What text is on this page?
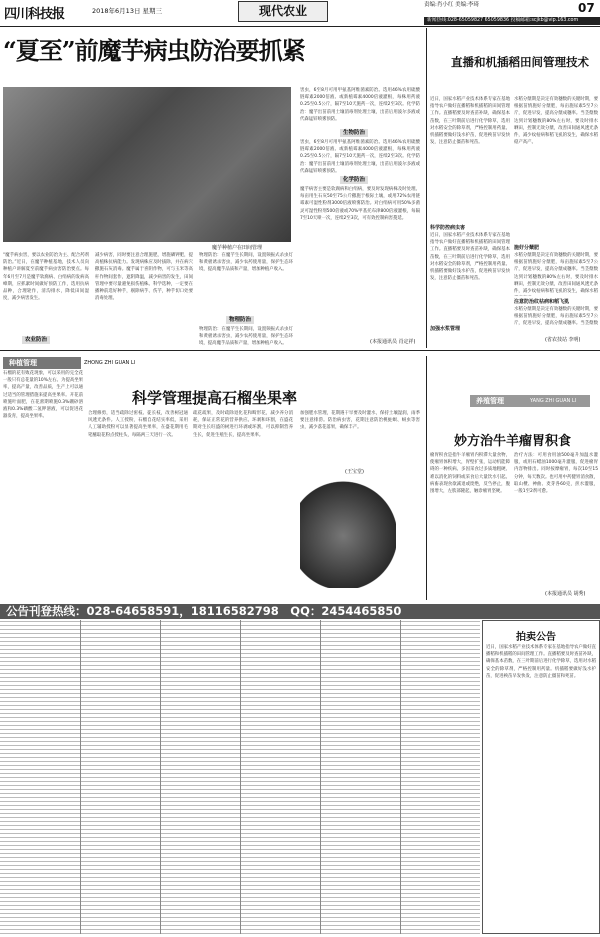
四川科技报	2018年6月13日 星期三	现代农业	责编:肖小红 美编:李琦	07
新闻热线:028-65059827 65059836 投稿邮箱:scjkb@vip.163.com
“夏至”前魔芋病虫防治要抓紧
魔芋种植户在田间管理
害虫，6至8月可用甲氨基阿维菌素防治。选用46%农用硫酸链霉素2000倍液、或新植霉素4000倍液灌根，每株用药液0.25至0.5公斤，隔7至10天施药一次，连续2至3次。化学防治：魔芋出苗前用土壤消毒剂处理土壤，出苗后用波尔多液或代森锰锌喷雾预防。
生物防治
害虫，6至8月可用甲氨基阿维菌素防治。选用46%农用硫酸链霉素2000倍液、或新植霉素4000倍液灌根，每株用药液0.25至0.5公斤，隔7至10天施药一次，连续2至3次。化学防治：魔芋出苗前用土壤消毒剂处理土壤，出苗后用波尔多液或代森锰锌喷雾预防。
化学防治
魔芋病害主要是软腐病和白绢病，要及时发现病株及时处理。每亩用生石灰50至75公斤撒施于根际土壤，或用72%农用链霉素可湿性粉剂3000倍液喷雾防治。对白绢病可用50%多菌灵可湿性粉剂500倍液或70%甲基托布津800倍液灌根，每隔7至10天喷一次，连续2至3次，可有效控制病害蔓延。
“魔芋病虫害，要以农业防治为主、配合药剂防治。”近日，在魔芋种植基地，技术人员向种植户讲解夏至前魔芋病虫害防治要点。每年6月至7月是魔芋软腐病、白绢病的发病高峰期，应抓紧时间做好预防工作，选用抗病品种，合理轮作，清沟排水，降低田间湿度，减少病害发生。
农业防治
减少病害，同时要注意合理施肥，增施磷钾肥，提高植株抗病能力。发现病株应及时拔除，并在病穴撒施石灰消毒。魔芋属于喜阴作物，可与玉米等高秆作物间套作，遮阴降温，减少病害的发生，田间管理中要尽量避免损伤植株。科学选种，一定要在播种前选好种芋，剔除病芋、伤芋，种芋切口处要消毒处理。
物理防治：在魔芋生长期间，设置频振式杀虫灯和黄板诱杀害虫，减少农药使用量，保护生态环境，提高魔芋品质和产量，增加种植户收入。
物理防治
物理防治：在魔芋生长期间，设置频振式杀虫灯和黄板诱杀害虫，减少农药使用量，保护生态环境，提高魔芋品质和产量，增加种植户收入。	(本报通讯员 肖定祥)
直播和机插稻田间管理技术
近日，国家水稻产业技术体系专家在基地指导农户做好直播稻和机插稻的田间管理工作。直播稻要及时查苗补缺，确保基本苗数，在三叶期前后进行化学除草，选用对水稻安全的除草剂，严格控制用药量。机插稻要做好浅水护苗，促进秧苗早发快发，注意防止僵苗和死苗。
科学防控病虫害
近日，国家水稻产业技术体系专家在基地指导农户做好直播稻和机插稻的田间管理工作。直播稻要及时查苗补缺，确保基本苗数，在三叶期前后进行化学除草，选用对水稻安全的除草剂，严格控制用药量。机插稻要做好浅水护苗，促进秧苗早发快发，注意防止僵苗和死苗。
加强水浆管理
水稻分蘖期是决定有效穗数的关键时期，要根据苗情施好分蘖肥，每亩施尿素5至7公斤，促进早发，提高分蘖成穗率。当茎蘖数达到计划穗数的80%左右时，要及时排水晒田，控制无效分蘖，改善田间通风透光条件，减少纹枯病和稻飞虱的发生，确保水稻稳产高产。
施好分蘖肥
注意防治纹枯病和稻飞虱
水稻分蘖期是决定有效穗数的关键时期，要根据苗情施好分蘖肥，每亩施尿素5至7公斤，促进早发，提高分蘖成穗率。当茎蘖数达到计划穗数的80%左右时，要及时排水晒田，控制无效分蘖，改善田间通风透光条件，减少纹枯病和稻飞虱的发生，确保水稻
水稻分蘖期是决定有效穗数的关键时期，要根据苗情施好分蘖肥，每亩施尿素5至7公斤，促进早发，提高分蘖成穗率。当茎蘖数
(省农技站 李明)
种植管理	ZHONG ZHI GUAN LI
科学管理提高石榴坐果率
石榴的花有败花现象，可以采用的完全花一般只有总花量的10%左右。为提高坐果率，提高产量，改善品质，生产上可以通过适当的管理措施来提高坐果率。开花前喷施叶面肥，在花蕾期喷施0.3%硼砂溶液和0.3%磷酸二氢钾溶液，可以促进花器发育，提高坐果率。
合理修剪，适当疏除过密枝、徒长枝，改善树冠通风透光条件。人工授粉，石榴自花结实率低，采用人工辅助授粉可以显著提高坐果率，在盛花期用毛笔蘸取花粉点授柱头，每隔两三天进行一次。
疏花疏果，及时疏除退化花和畸形花，减少养分消耗，保证正常花的营养供应。环剥和环割，在盛花期对生长旺盛的树进行环剥或环割，可以抑制营养生长，促进生殖生长，提高坐果率。
加强肥水管理，花期遇干旱要及时灌水，保持土壤湿润，雨季要注意排涝。防治病虫害，花期注意防治桃蛀螟、蚜虫等害虫，减少落花落果，确保丰产。
(王宝堂)
养殖管理	YANG ZHI GUAN LI
妙方治牛羊瘤胃积食
瘤胃积食是指牛羊瘤胃内积滞大量食物，使瘤胃体积增大，胃壁扩张，运动机能障碍的一种疾病。多因采食过多质地粗硬、难以消化的饲料或采食后大量饮水引起。病畜表现食欲减退或废绝，反刍停止，腹围增大，左肷部隆起，触诊瘤胃坚硬。
治疗方法：可用食用油500毫升加温水灌服，或用石蜡油1000毫升灌服，促进瘤胃内容物排出。同时按摩瘤胃，每次10至15分钟，每天数次。也可用中药健胃消食散，取山楂、神曲、麦芽各60克，煎水灌服，一般1至2剂可愈。
(本报通讯员 胡秀)
公告刊登热线：028-64658591，18116582798　QQ：2454465850
拍卖公告
近日，国家水稻产业技术体系专家在基地指导农户做好直播稻和机插稻的田间管理工作。直播稻要及时查苗补缺，确保基本苗数，在三叶期前后进行化学除草，选用对水稻安全的除草剂，严格控制用药量。机插稻要做好浅水护苗，促进秧苗早发快发，注意防止僵苗和死苗。
